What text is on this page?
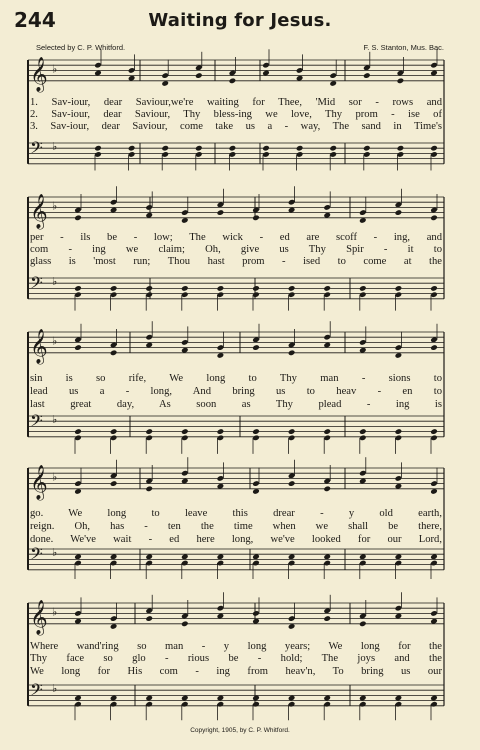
244	Waiting for Jesus.
Selected by C. P. Whitford.	F. S. Stanton, Mus. Bac.
𝄞 ♭
𝄢 ♭
𝄞 ♭
𝄢 ♭
𝄞 ♭
𝄢 ♭
𝄞 ♭
𝄢 ♭
𝄞 ♭
𝄢 ♭
1. Sav-iour, dear Saviour,we're waiting for Thee, 'Mid sor - rows and
2. Sav-iour, dear Saviour, Thy bless-ing we love, Thy prom - ise of
3. Sav-iour, dear Saviour, come take us a - way, The sand in Time's
per - ils be - low; The wick - ed are scoff - ing, and
com - ing we claim; Oh, give us Thy Spir - it to
glass is 'most run; Thou hast prom - ised to come at the
sin is so rife, We long to Thy man - sions to
lead us a - long, And bring us to heav - en to
last great day, As soon as Thy plead - ing is
go. We long to leave this drear - y old earth,
reign. Oh, has - ten the time when we shall be there,
done. We've wait - ed here long, we've looked for our Lord,
Where wand'ring so man - y long years; We long for the
Thy face so glo - rious be - hold; The joys and the
We long for His com - ing from heav'n, To bring us our
Copyright, 1905, by C. P. Whitford.
